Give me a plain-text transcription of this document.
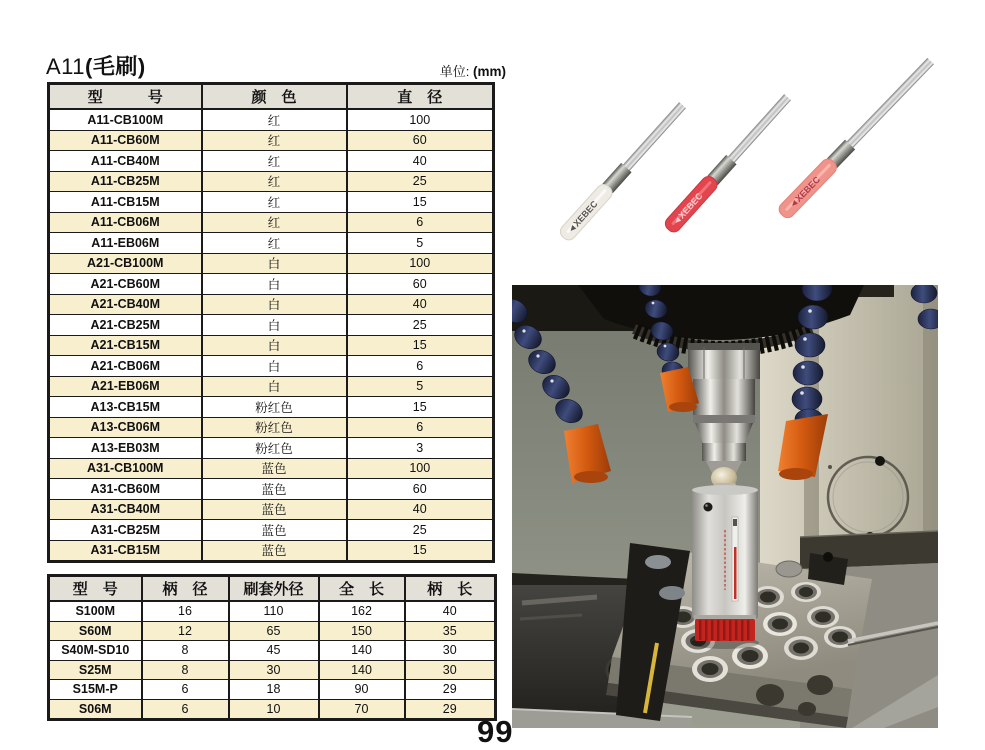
A11(毛刷)	单位: (mm)
型　　　号	颜　色	直　径
A11-CB100M	红	100
A11-CB60M	红	60
A11-CB40M	红	40
A11-CB25M	红	25
A11-CB15M	红	15
A11-CB06M	红	6
A11-EB06M	红	5
A21-CB100M	白	100
A21-CB60M	白	60
A21-CB40M	白	40
A21-CB25M	白	25
A21-CB15M	白	15
A21-CB06M	白	6
A21-EB06M	白	5
A13-CB15M	粉红色	15
A13-CB06M	粉红色	6
A13-EB03M	粉红色	3
A31-CB100M	蓝色	100
A31-CB60M	蓝色	60
A31-CB40M	蓝色	40
A31-CB25M	蓝色	25
A31-CB15M	蓝色	15
型　号	柄　径	刷套外径	全　长	柄　长
S100M	16	110	162	40
S60M	12	65	150	35
S40M-SD10	8	45	140	30
S25M	8	30	140	30
S15M-P	6	18	90	29
S06M	6	10	70	29
◄XEBEC	◄XEBEC	◄XEBEC
99
